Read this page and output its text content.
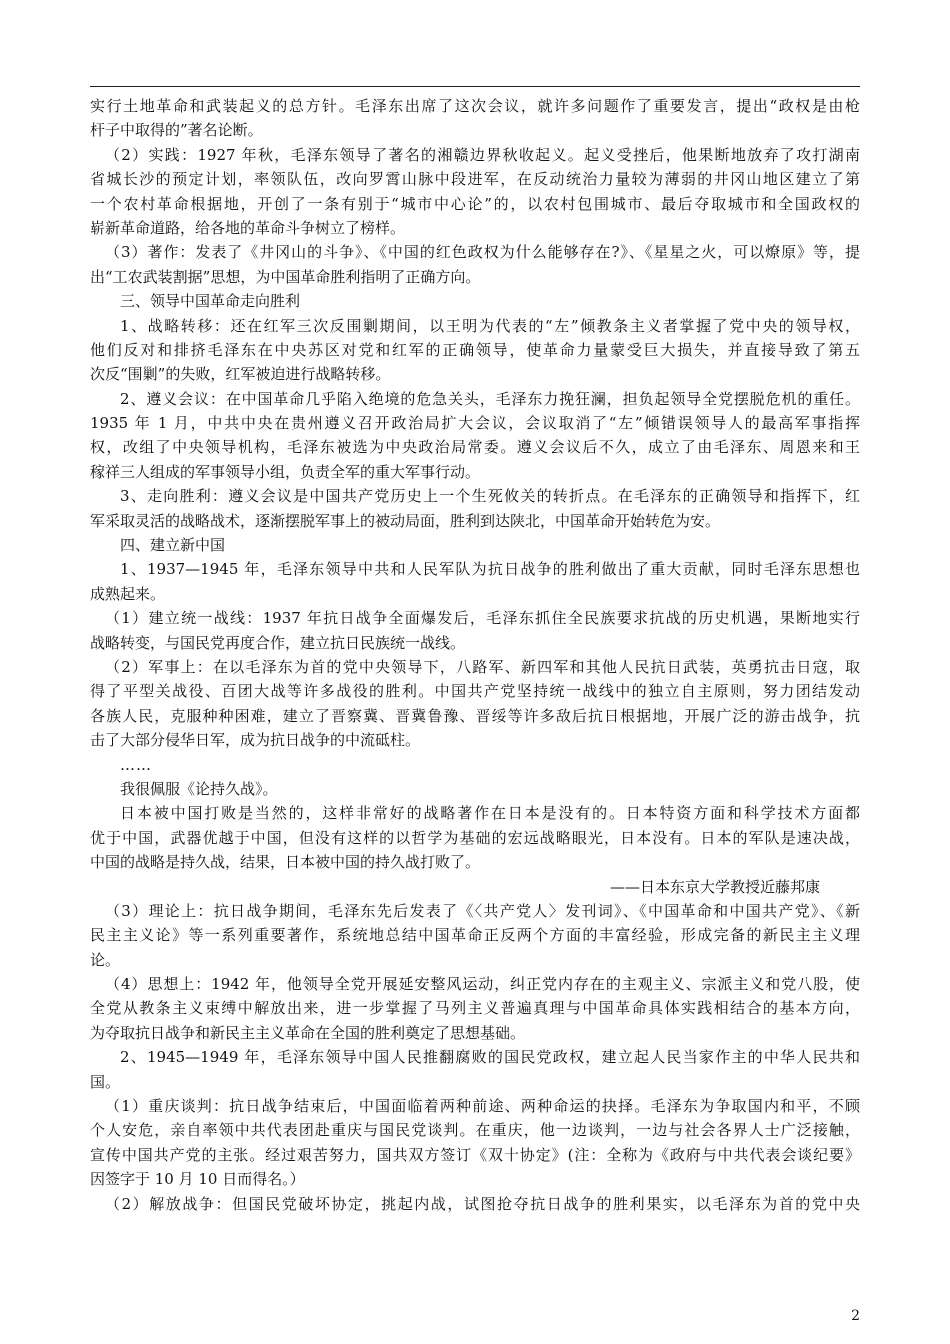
实行土地革命和武装起义的总方针。毛泽东出席了这次会议，就许多问题作了重要发言，提出“政权是由枪
杆子中取得的”著名论断。
（2）实践：1927 年秋，毛泽东领导了著名的湘赣边界秋收起义。起义受挫后，他果断地放弃了攻打湖南
省城长沙的预定计划，率领队伍，改向罗霄山脉中段进军，在反动统治力量较为薄弱的井冈山地区建立了第
一个农村革命根据地，开创了一条有别于“城市中心论”的，以农村包围城市、最后夺取城市和全国政权的
崭新革命道路，给各地的革命斗争树立了榜样。
（3）著作：发表了《井冈山的斗争》、《中国的红色政权为什么能够存在?》、《星星之火，可以燎原》等，提
出“工农武装割据”思想，为中国革命胜利指明了正确方向。
三、领导中国革命走向胜利
1、战略转移：还在红军三次反围剿期间，以王明为代表的“左”倾教条主义者掌握了党中央的领导权，
他们反对和排挤毛泽东在中央苏区对党和红军的正确领导，使革命力量蒙受巨大损失，并直接导致了第五
次反“围剿”的失败，红军被迫进行战略转移。
2、遵义会议：在中国革命几乎陷入绝境的危急关头，毛泽东力挽狂澜，担负起领导全党摆脱危机的重任。
1935 年 1 月，中共中央在贵州遵义召开政治局扩大会议，会议取消了“左”倾错误领导人的最高军事指挥
权，改组了中央领导机构，毛泽东被选为中央政治局常委。遵义会议后不久，成立了由毛泽东、周恩来和王
稼祥三人组成的军事领导小组，负责全军的重大军事行动。
3、走向胜利：遵义会议是中国共产党历史上一个生死攸关的转折点。在毛泽东的正确领导和指挥下，红
军采取灵活的战略战术，逐渐摆脱军事上的被动局面，胜利到达陕北，中国革命开始转危为安。
四、建立新中国
1、1937—1945 年，毛泽东领导中共和人民军队为抗日战争的胜利做出了重大贡献，同时毛泽东思想也
成熟起来。
（1）建立统一战线：1937 年抗日战争全面爆发后，毛泽东抓住全民族要求抗战的历史机遇，果断地实行
战略转变，与国民党再度合作，建立抗日民族统一战线。
（2）军事上：在以毛泽东为首的党中央领导下，八路军、新四军和其他人民抗日武装，英勇抗击日寇，取
得了平型关战役、百团大战等许多战役的胜利。中国共产党坚持统一战线中的独立自主原则，努力团结发动
各族人民，克服种种困难，建立了晋察冀、晋冀鲁豫、晋绥等许多敌后抗日根据地，开展广泛的游击战争，抗
击了大部分侵华日军，成为抗日战争的中流砥柱。
……
我很佩服《论持久战》。
日本被中国打败是当然的，这样非常好的战略著作在日本是没有的。日本特资方面和科学技术方面都
优于中国，武器优越于中国，但没有这样的以哲学为基础的宏远战略眼光，日本没有。日本的军队是速决战，
中国的战略是持久战，结果，日本被中国的持久战打败了。
——日本东京大学教授近藤邦康
（3）理论上：抗日战争期间，毛泽东先后发表了《〈共产党人〉发刊词》、《中国革命和中国共产党》、《新
民主主义论》等一系列重要著作，系统地总结中国革命正反两个方面的丰富经验，形成完备的新民主主义理
论。
（4）思想上：1942 年，他领导全党开展延安整风运动，纠正党内存在的主观主义、宗派主义和党八股，使
全党从教条主义束缚中解放出来，进一步掌握了马列主义普遍真理与中国革命具体实践相结合的基本方向，
为夺取抗日战争和新民主主义革命在全国的胜利奠定了思想基础。
2、1945—1949 年，毛泽东领导中国人民推翻腐败的国民党政权，建立起人民当家作主的中华人民共和
国。
（1）重庆谈判：抗日战争结束后，中国面临着两种前途、两种命运的抉择。毛泽东为争取国内和平，不顾
个人安危，亲自率领中共代表团赴重庆与国民党谈判。在重庆，他一边谈判，一边与社会各界人士广泛接触，
宣传中国共产党的主张。经过艰苦努力，国共双方签订《双十协定》(注：全称为《政府与中共代表会谈纪要》
因签字于 10 月 10 日而得名。）
（2）解放战争：但国民党破坏协定，挑起内战，试图抢夺抗日战争的胜利果实，以毛泽东为首的党中央
2
